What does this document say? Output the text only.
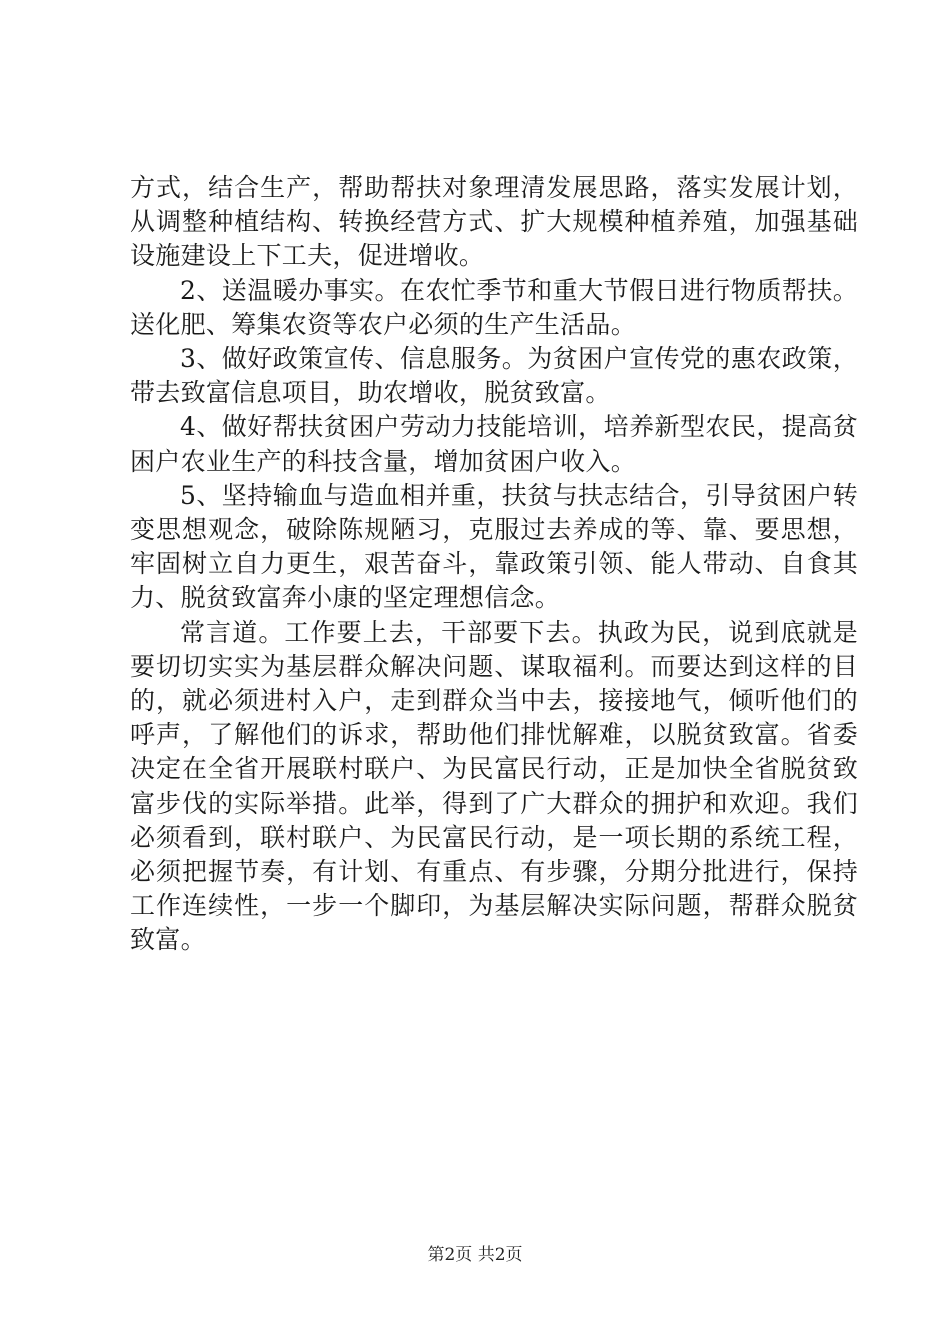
方式，结合生产，帮助帮扶对象理清发展思路，落实发展计划，从调整种植结构、转换经营方式、扩大规模种植养殖，加强基础设施建设上下工夫，促进增收。

2、送温暖办事实。在农忙季节和重大节假日进行物质帮扶。送化肥、筹集农资等农户必须的生产生活品。

3、做好政策宣传、信息服务。为贫困户宣传党的惠农政策，带去致富信息项目，助农增收，脱贫致富。

4、做好帮扶贫困户劳动力技能培训，培养新型农民，提高贫困户农业生产的科技含量，增加贫困户收入。

5、坚持输血与造血相并重，扶贫与扶志结合，引导贫困户转变思想观念，破除陈规陋习，克服过去养成的等、靠、要思想，牢固树立自力更生，艰苦奋斗，靠政策引领、能人带动、自食其力、脱贫致富奔小康的坚定理想信念。

常言道。工作要上去，干部要下去。执政为民，说到底就是要切切实实为基层群众解决问题、谋取福利。而要达到这样的目的，就必须进村入户，走到群众当中去，接接地气，倾听他们的呼声，了解他们的诉求，帮助他们排忧解难，以脱贫致富。省委决定在全省开展联村联户、为民富民行动，正是加快全省脱贫致富步伐的实际举措。此举，得到了广大群众的拥护和欢迎。我们必须看到，联村联户、为民富民行动，是一项长期的系统工程，必须把握节奏，有计划、有重点、有步骤，分期分批进行，保持工作连续性，一步一个脚印，为基层解决实际问题，帮群众脱贫致富。

第2页 共2页
